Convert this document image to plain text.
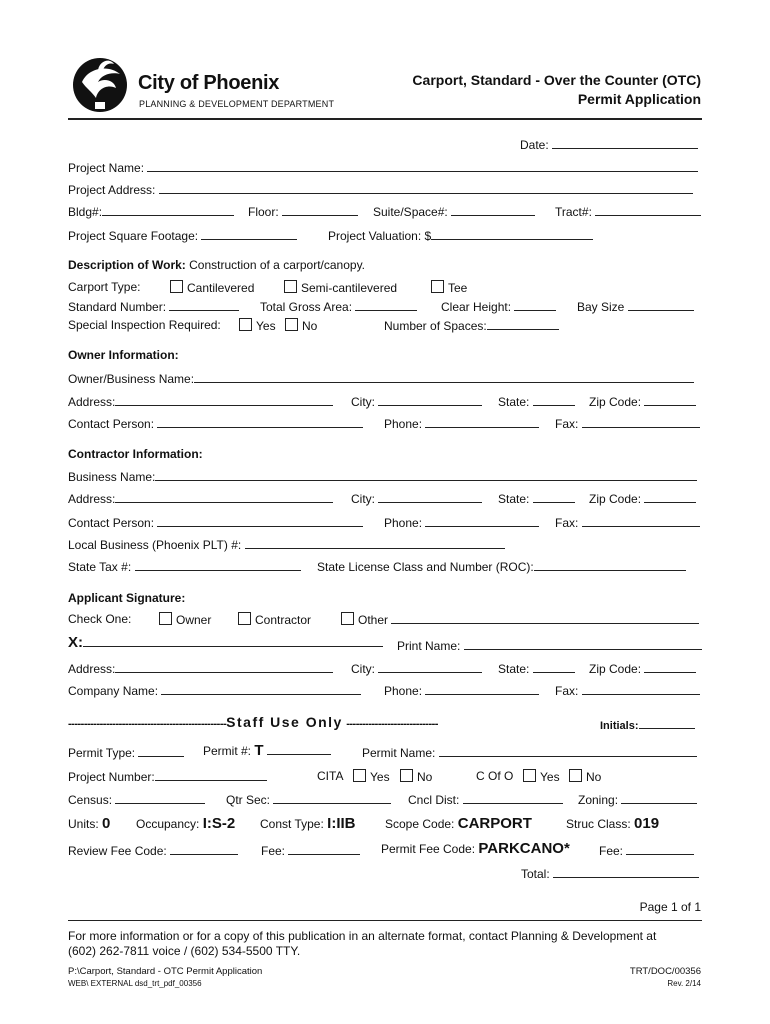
City of Phoenix
PLANNING & DEVELOPMENT DEPARTMENT
Carport, Standard - Over the Counter (OTC)
Permit Application
Date:
Project Name:
Project Address:
Bldg#:	Floor:	Suite/Space#:	Tract#:
Project Square Footage:	Project Valuation: $
Description of Work: Construction of a carport/canopy.
Carport Type:	Cantilevered	Semi-cantilevered	Tee
Standard Number:	Total Gross Area:	Clear Height:	Bay Size
Special Inspection Required:	Yes	No	Number of Spaces:
Owner Information:
Owner/Business Name:
Address:	City:	State:	Zip Code:
Contact Person:	Phone:	Fax:
Contractor Information:
Business Name:
Address:	City:	State:	Zip Code:
Contact Person:	Phone:	Fax:
Local Business (Phoenix PLT) #:
State Tax #:	State License Class and Number (ROC):
Applicant Signature:
Check One:	Owner	Contractor	Other
X:	Print Name:
Address:	City:	State:	Zip Code:
Company Name:	Phone:	Fax:
--------------------------------------------------Staff Use Only -----------------------------	Initials:
Permit Type:	Permit #: T	Permit Name:
Project Number:	CITA	Yes	No	C Of O	Yes	No
Census:	Qtr Sec:	Cncl Dist:	Zoning:
Units: 0 Occupancy: I:S-2 Const Type: I:IIB Scope Code: CARPORT	Struc Class: 019
Review Fee Code:	Fee:	Permit Fee Code: PARKCANO* Fee:
Total:
Page 1 of 1
For more information or for a copy of this publication in an alternate format, contact Planning & Development at
(602) 262-7811 voice / (602) 534-5500 TTY.
P:\Carport, Standard - OTC Permit Application
WEB\ EXTERNAL dsd_trt_pdf_00356
TRT/DOC/00356
Rev. 2/14
